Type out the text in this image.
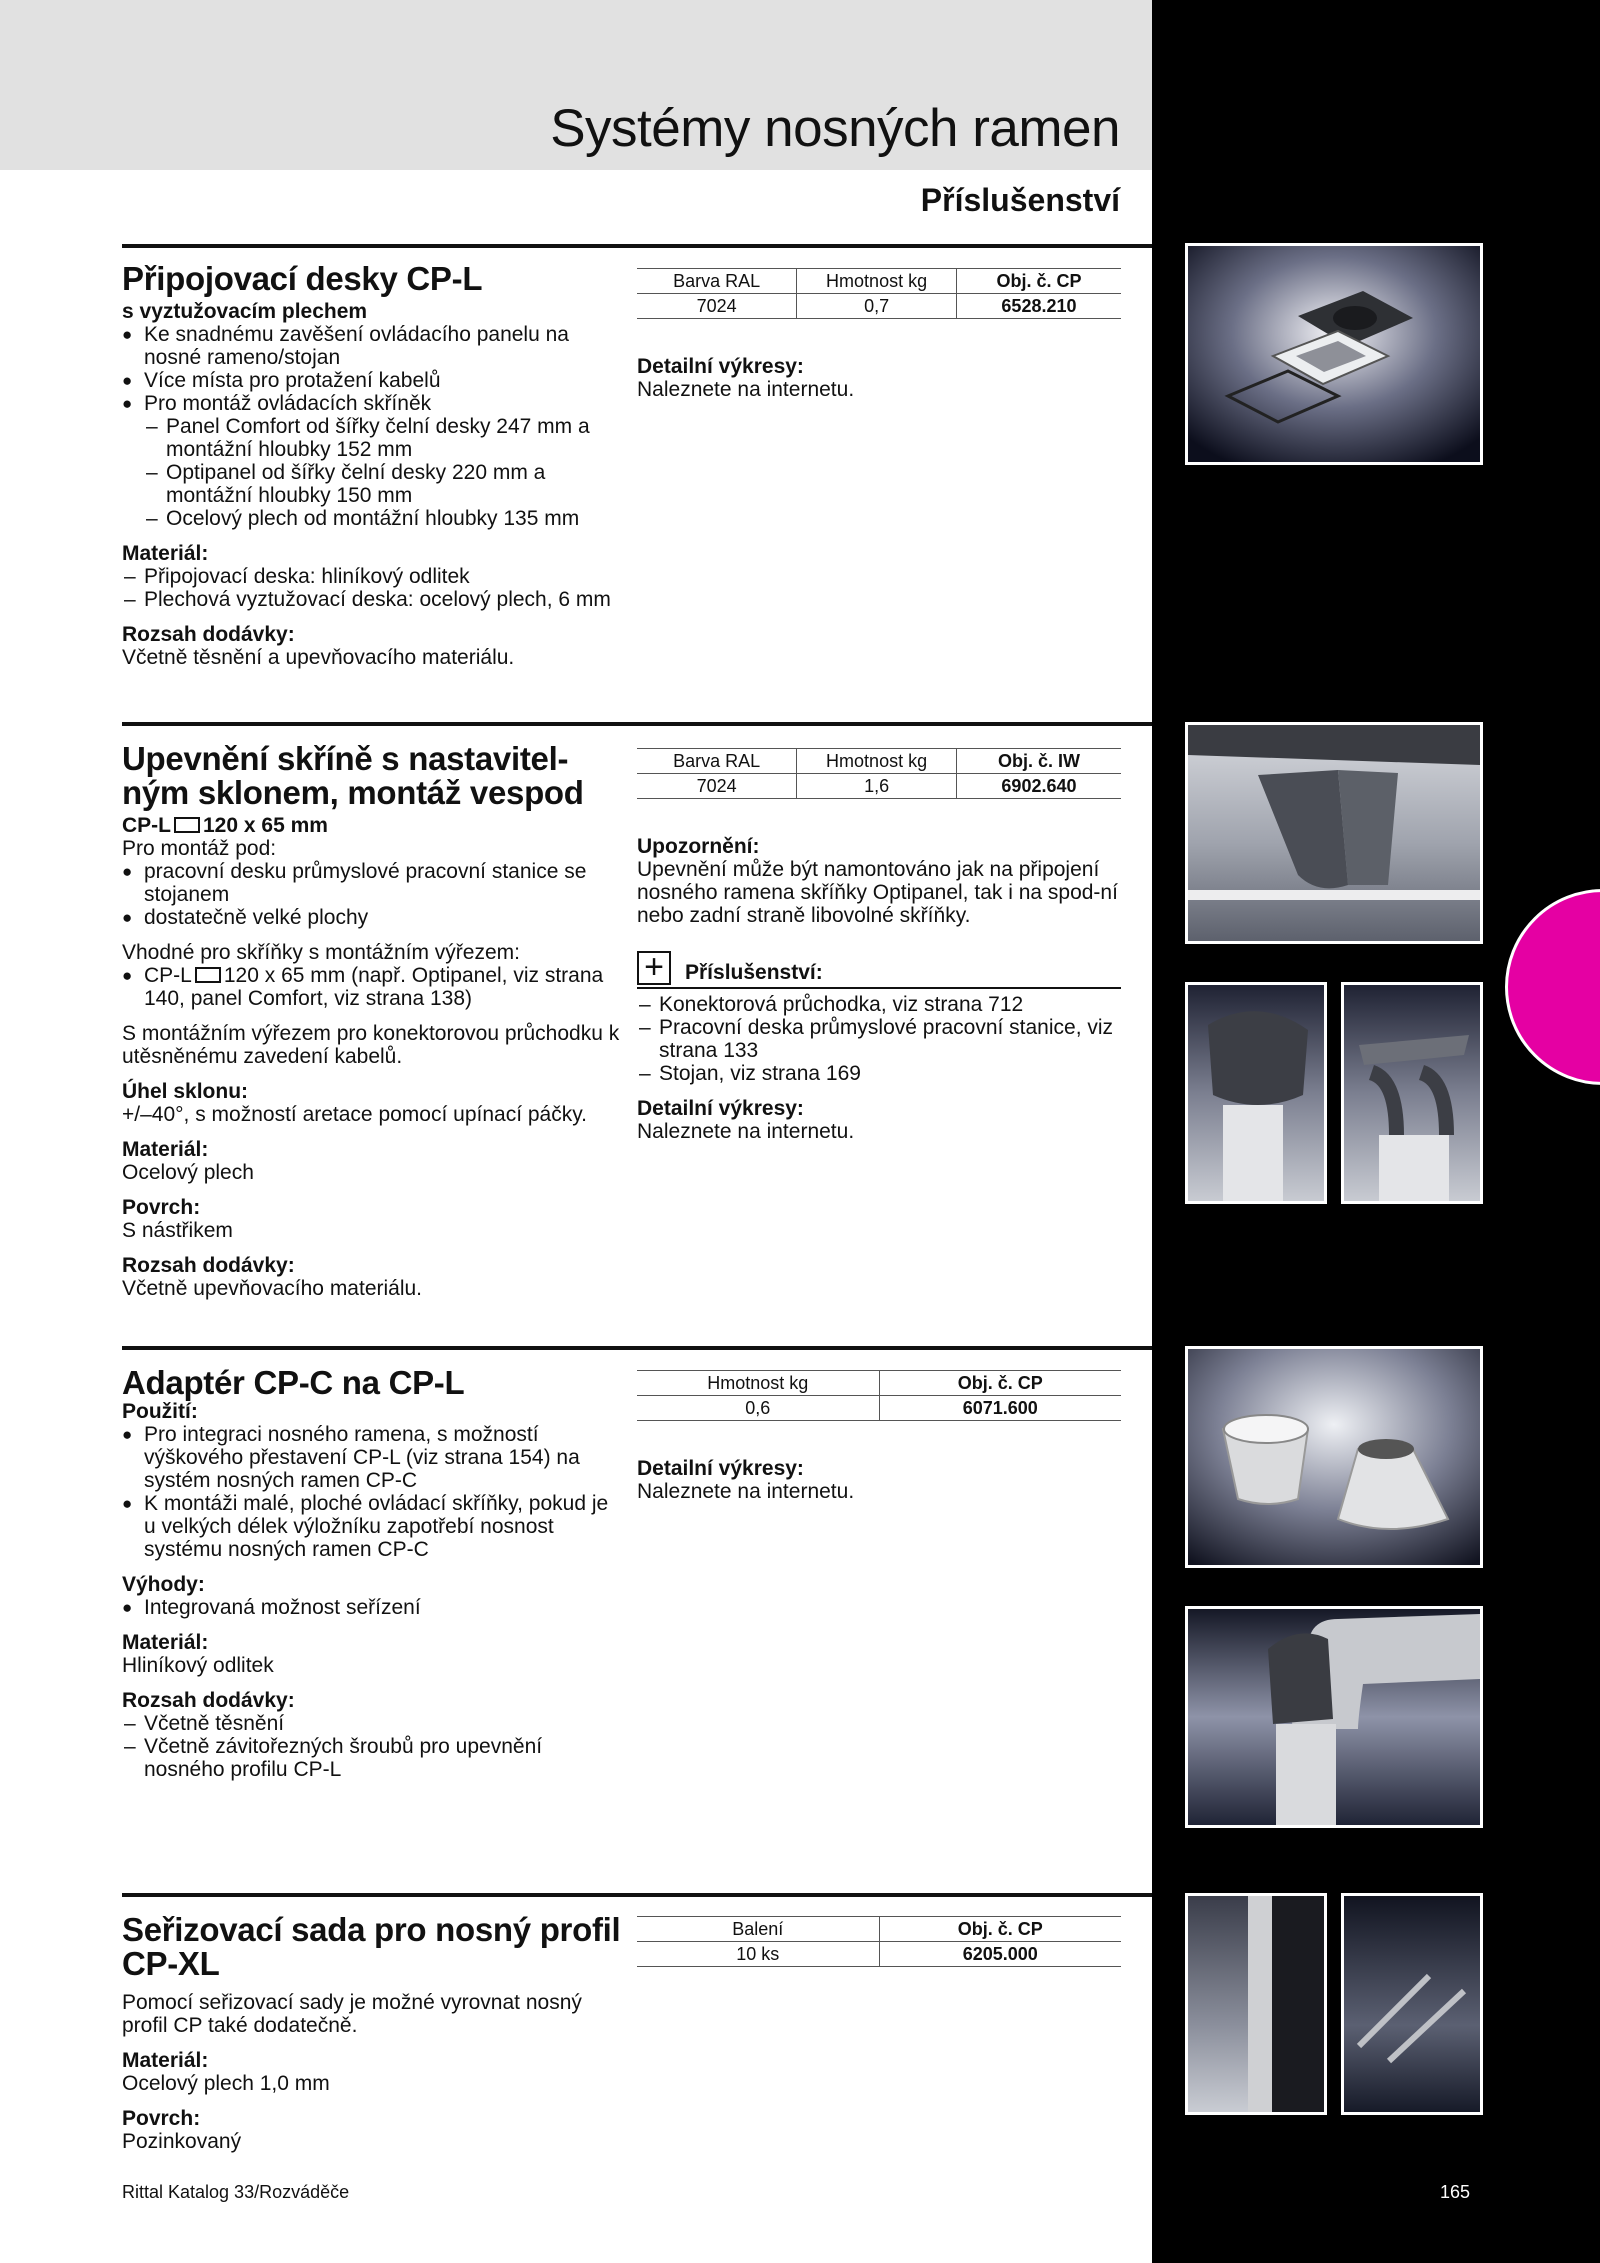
Systémy nosných ramen
Příslušenství
Připojovací desky CP-L
s vyztužovacím plechem
● Ke snadnému zavěšení ovládacího panelu na nosné rameno/stojan
● Více místa pro protažení kabelů
● Pro montáž ovládacích skříněk
– Panel Comfort od šířky čelní desky 247 mm a montážní hloubky 152 mm
– Optipanel od šířky čelní desky 220 mm a montážní hloubky 150 mm
– Ocelový plech od montážní hloubky 135 mm
Materiál:
– Připojovací deska: hliníkový odlitek
– Plechová vyztužovací deska: ocelový plech, 6 mm
Rozsah dodávky:
Včetně těsnění a upevňovacího materiálu.
Barva RAL	Hmotnost kg	Obj. č. CP
7024	0,7	6528.210
Detailní výkresy:
Naleznete na internetu.
Upevnění skříně s nastavitel-ným sklonem, montáž vespod
CP-L 120 x 65 mm
Pro montáž pod:
● pracovní desku průmyslové pracovní stanice se stojanem
● dostatečně velké plochy
Vhodné pro skříňky s montážním výřezem:
● CP-L 120 x 65 mm (např. Optipanel, viz strana 140, panel Comfort, viz strana 138)
S montážním výřezem pro konektorovou průchodku k utěsněnému zavedení kabelů.
Úhel sklonu:
+/–40°, s možností aretace pomocí upínací páčky.
Materiál:
Ocelový plech
Povrch:
S nástřikem
Rozsah dodávky:
Včetně upevňovacího materiálu.
Barva RAL	Hmotnost kg	Obj. č. IW
7024	1,6	6902.640
Upozornění:
Upevnění může být namontováno jak na připojení nosného ramena skříňky Optipanel, tak i na spod-ní nebo zadní straně libovolné skříňky.
+	Příslušenství:
– Konektorová průchodka, viz strana 712
– Pracovní deska průmyslové pracovní stanice, viz strana 133
– Stojan, viz strana 169
Detailní výkresy:
Naleznete na internetu.
Adaptér CP-C na CP-L
Použití:
● Pro integraci nosného ramena, s možností výškového přestavení CP-L (viz strana 154) na systém nosných ramen CP-C
● K montáži malé, ploché ovládací skříňky, pokud je u velkých délek výložníku zapotřebí nosnost systému nosných ramen CP-C
Výhody:
● Integrovaná možnost seřízení
Materiál:
Hliníkový odlitek
Rozsah dodávky:
– Včetně těsnění
– Včetně závitořezných šroubů pro upevnění nosného profilu CP-L
Hmotnost kg	Obj. č. CP
0,6	6071.600
Detailní výkresy:
Naleznete na internetu.
Seřizovací sada pro nosný profil CP-XL
Pomocí seřizovací sady je možné vyrovnat nosný profil CP také dodatečně.
Materiál:
Ocelový plech 1,0 mm
Povrch:
Pozinkovaný
Balení	Obj. č. CP
10 ks	6205.000
Rittal Katalog 33/Rozváděče	165
